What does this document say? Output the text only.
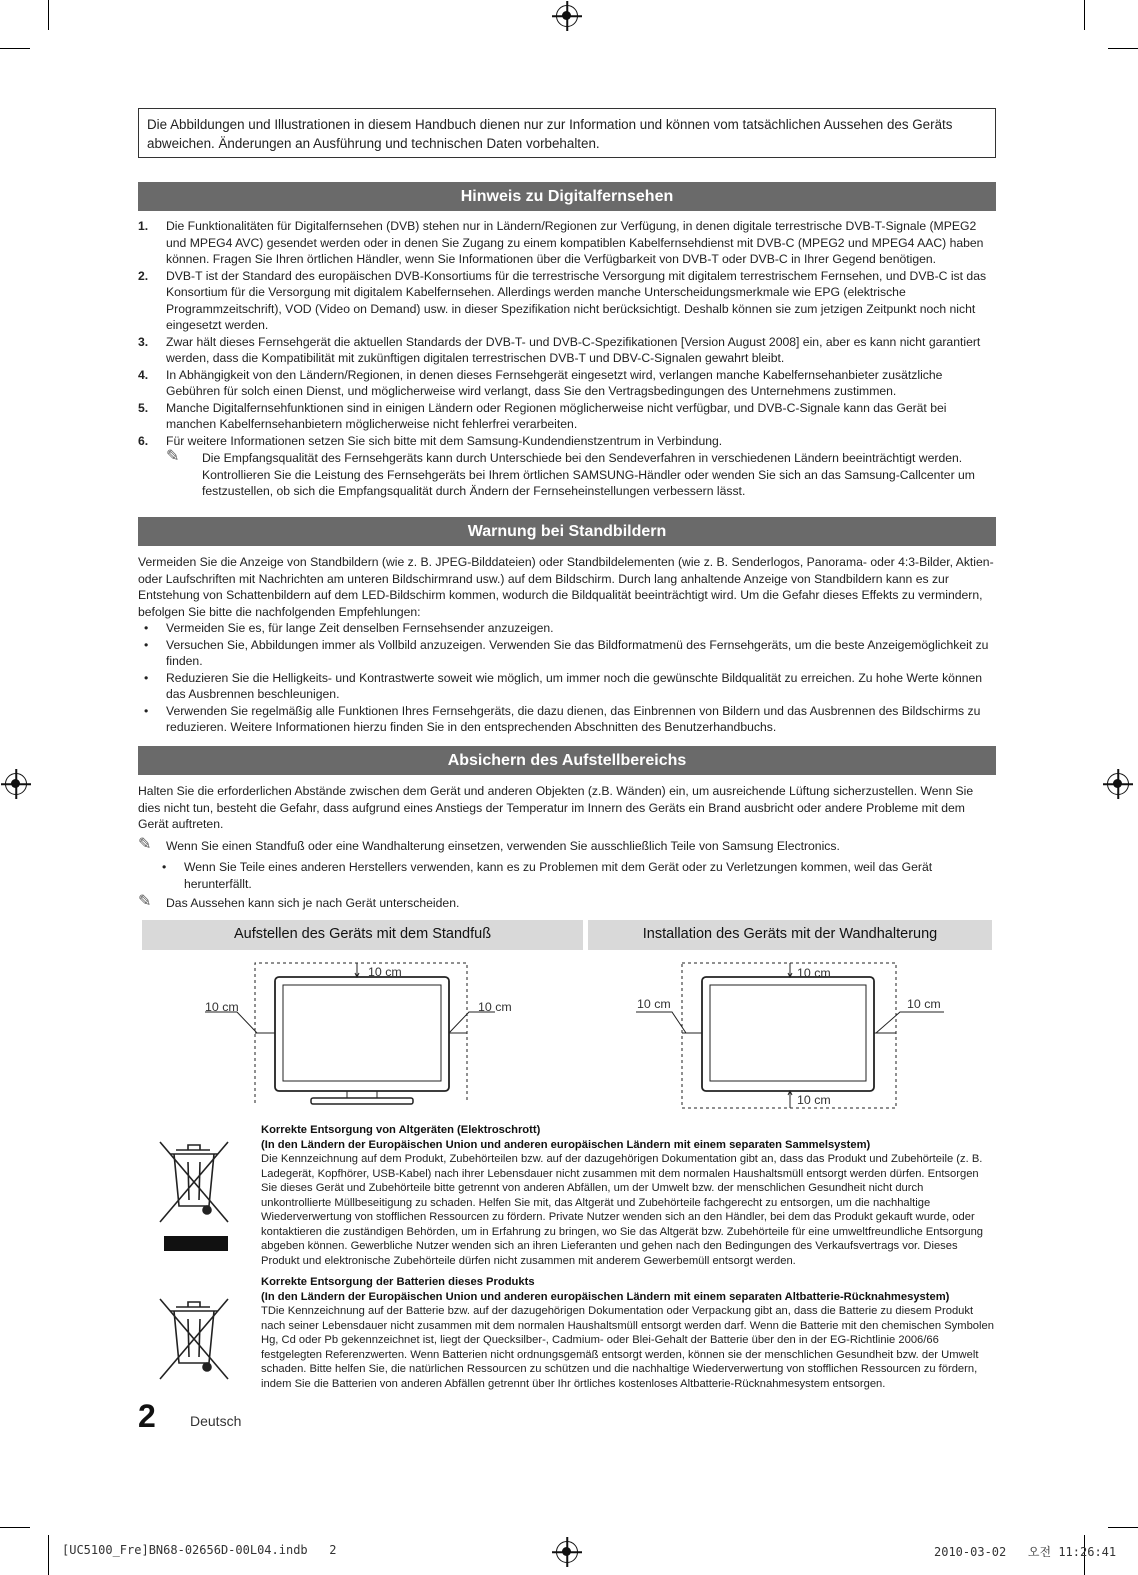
Die Abbildungen und Illustrationen in diesem Handbuch dienen nur zur Information und können vom tatsächlichen Aussehen des Geräts abweichen. Änderungen an Ausführung und technischen Daten vorbehalten.
Hinweis zu Digitalfernsehen
1. Die Funktionalitäten für Digitalfernsehen (DVB) stehen nur in Ländern/Regionen zur Verfügung, in denen digitale terrestrische DVB-T-Signale (MPEG2 und MPEG4 AVC) gesendet werden oder in denen Sie Zugang zu einem kompatiblen Kabelfernsehdienst mit DVB-C (MPEG2 und MPEG4 AAC) haben können. Fragen Sie Ihren örtlichen Händler, wenn Sie Informationen über die Verfügbarkeit von DVB-T oder DVB-C in Ihrer Gegend benötigen.
2. DVB-T ist der Standard des europäischen DVB-Konsortiums für die terrestrische Versorgung mit digitalem terrestrischem Fernsehen, und DVB-C ist das Konsortium für die Versorgung mit digitalem Kabelfernsehen. Allerdings werden manche Unterscheidungsmerkmale wie EPG (elektrische Programmzeitschrift), VOD (Video on Demand) usw. in dieser Spezifikation nicht berücksichtigt. Deshalb können sie zum jetzigen Zeitpunkt noch nicht eingesetzt werden.
3. Zwar hält dieses Fernsehgerät die aktuellen Standards der DVB-T- und DVB-C-Spezifikationen [Version August 2008] ein, aber es kann nicht garantiert werden, dass die Kompatibilität mit zukünftigen digitalen terrestrischen DVB-T und DBV-C-Signalen gewahrt bleibt.
4. In Abhängigkeit von den Ländern/Regionen, in denen dieses Fernsehgerät eingesetzt wird, verlangen manche Kabelfernsehanbieter zusätzliche Gebühren für solch einen Dienst, und möglicherweise wird verlangt, dass Sie den Vertragsbedingungen des Unternehmens zustimmen.
5. Manche Digitalfernsehfunktionen sind in einigen Ländern oder Regionen möglicherweise nicht verfügbar, und DVB-C-Signale kann das Gerät bei manchen Kabelfernsehanbietern möglicherweise nicht fehlerfrei verarbeiten.
6. Für weitere Informationen setzen Sie sich bitte mit dem Samsung-Kundendienstzentrum in Verbindung.
✎ Die Empfangsqualität des Fernsehgeräts kann durch Unterschiede bei den Sendeverfahren in verschiedenen Ländern beeinträchtigt werden. Kontrollieren Sie die Leistung des Fernsehgeräts bei Ihrem örtlichen SAMSUNG-Händler oder wenden Sie sich an das Samsung-Callcenter um festzustellen, ob sich die Empfangsqualität durch Ändern der Fernseheinstellungen verbessern lässt.
Warnung bei Standbildern
Vermeiden Sie die Anzeige von Standbildern (wie z. B. JPEG-Bilddateien) oder Standbildelementen (wie z. B. Senderlogos, Panorama- oder 4:3-Bilder, Aktien- oder Laufschriften mit Nachrichten am unteren Bildschirmrand usw.) auf dem Bildschirm. Durch lang anhaltende Anzeige von Standbildern kann es zur Entstehung von Schattenbildern auf dem LED-Bildschirm kommen, wodurch die Bildqualität beeinträchtigt wird. Um die Gefahr dieses Effekts zu vermindern, befolgen Sie bitte die nachfolgenden Empfehlungen:
• Vermeiden Sie es, für lange Zeit denselben Fernsehsender anzuzeigen.
• Versuchen Sie, Abbildungen immer als Vollbild anzuzeigen. Verwenden Sie das Bildformatmenü des Fernsehgeräts, um die beste Anzeigemöglichkeit zu finden.
• Reduzieren Sie die Helligkeits- und Kontrastwerte soweit wie möglich, um immer noch die gewünschte Bildqualität zu erreichen. Zu hohe Werte können das Ausbrennen beschleunigen.
• Verwenden Sie regelmäßig alle Funktionen Ihres Fernsehgeräts, die dazu dienen, das Einbrennen von Bildern und das Ausbrennen des Bildschirms zu reduzieren. Weitere Informationen hierzu finden Sie in den entsprechenden Abschnitten des Benutzerhandbuchs.
Absichern des Aufstellbereichs
Halten Sie die erforderlichen Abstände zwischen dem Gerät und anderen Objekten (z.B. Wänden) ein, um ausreichende Lüftung sicherzustellen. Wenn Sie dies nicht tun, besteht die Gefahr, dass aufgrund eines Anstiegs der Temperatur im Innern des Geräts ein Brand ausbricht oder andere Probleme mit dem Gerät auftreten.
✎ Wenn Sie einen Standfuß oder eine Wandhalterung einsetzen, verwenden Sie ausschließlich Teile von Samsung Electronics.
• Wenn Sie Teile eines anderen Herstellers verwenden, kann es zu Problemen mit dem Gerät oder zu Verletzungen kommen, weil das Gerät herunterfällt.
✎ Das Aussehen kann sich je nach Gerät unterscheiden.
Aufstellen des Geräts mit dem Standfuß	Installation des Geräts mit der Wandhalterung
10 cm
10 cm	10 cm
10 cm
10 cm	10 cm
10 cm
Korrekte Entsorgung von Altgeräten (Elektroschrott)
(In den Ländern der Europäischen Union und anderen europäischen Ländern mit einem separaten Sammelsystem)
Die Kennzeichnung auf dem Produkt, Zubehörteilen bzw. auf der dazugehörigen Dokumentation gibt an, dass das Produkt und Zubehörteile (z. B. Ladegerät, Kopfhörer, USB-Kabel) nach ihrer Lebensdauer nicht zusammen mit dem normalen Haushaltsmüll entsorgt werden dürfen. Entsorgen Sie dieses Gerät und Zubehörteile bitte getrennt von anderen Abfällen, um der Umwelt bzw. der menschlichen Gesundheit nicht durch unkontrollierte Müllbeseitigung zu schaden. Helfen Sie mit, das Altgerät und Zubehörteile fachgerecht zu entsorgen, um die nachhaltige Wiederverwertung von stofflichen Ressourcen zu fördern. Private Nutzer wenden sich an den Händler, bei dem das Produkt gekauft wurde, oder kontaktieren die zuständigen Behörden, um in Erfahrung zu bringen, wo Sie das Altgerät bzw. Zubehörteile für eine umweltfreundliche Entsorgung abgeben können. Gewerbliche Nutzer wenden sich an ihren Lieferanten und gehen nach den Bedingungen des Verkaufsvertrags vor. Dieses Produkt und elektronische Zubehörteile dürfen nicht zusammen mit anderem Gewerbemüll entsorgt werden.
Korrekte Entsorgung der Batterien dieses Produkts
(In den Ländern der Europäischen Union und anderen europäischen Ländern mit einem separaten Altbatterie-Rücknahmesystem)
TDie Kennzeichnung auf der Batterie bzw. auf der dazugehörigen Dokumentation oder Verpackung gibt an, dass die Batterie zu diesem Produkt nach seiner Lebensdauer nicht zusammen mit dem normalen Haushaltsmüll entsorgt werden darf. Wenn die Batterie mit den chemischen Symbolen Hg, Cd oder Pb gekennzeichnet ist, liegt der Quecksilber-, Cadmium- oder Blei-Gehalt der Batterie über den in der EG-Richtlinie 2006/66 festgelegten Referenzwerten. Wenn Batterien nicht ordnungsgemäß entsorgt werden, können sie der menschlichen Gesundheit bzw. der Umwelt schaden. Bitte helfen Sie, die natürlichen Ressourcen zu schützen und die nachhaltige Wiederverwertung von stofflichen Ressourcen zu fördern, indem Sie die Batterien von anderen Abfällen getrennt über Ihr örtliches kostenloses Altbatterie-Rücknahmesystem entsorgen.
2 Deutsch
[UC5100_Fre]BN68-02656D-00L04.indb   2	2010-03-02   오전 11:26:41
